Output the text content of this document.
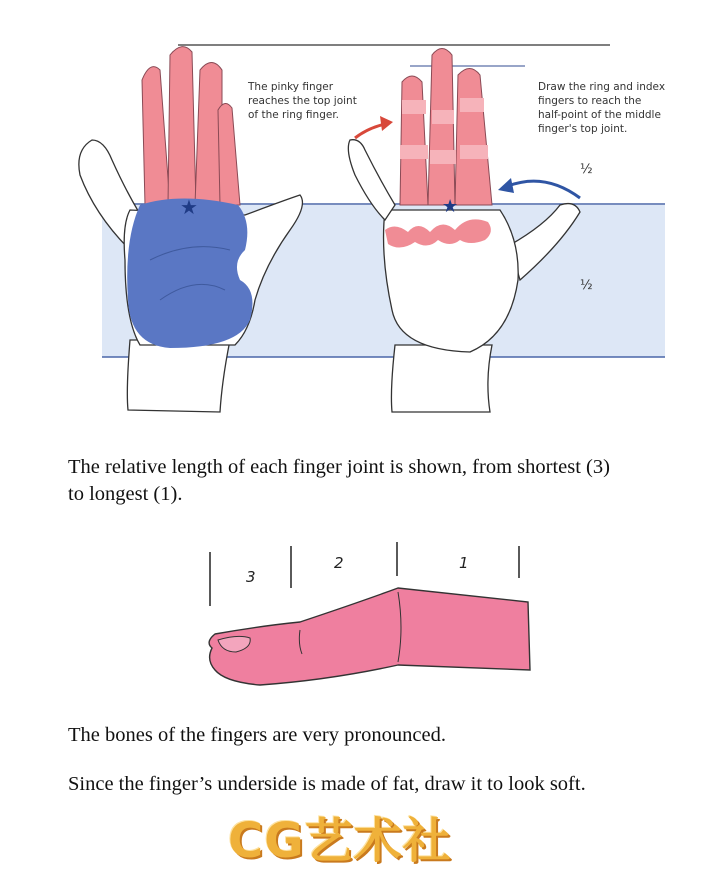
★	★
The pinky finger
reaches the top joint
of the ring finger.
Draw the ring and index
fingers to reach the
half-point of the middle
finger's top joint.
½
½
The relative length of each finger joint is shown, from shortest (3)
to longest (1).
3
2	1
The bones of the fingers are very pronounced.
Since the finger’s underside is made of fat, draw it to look soft.
CG艺术社
